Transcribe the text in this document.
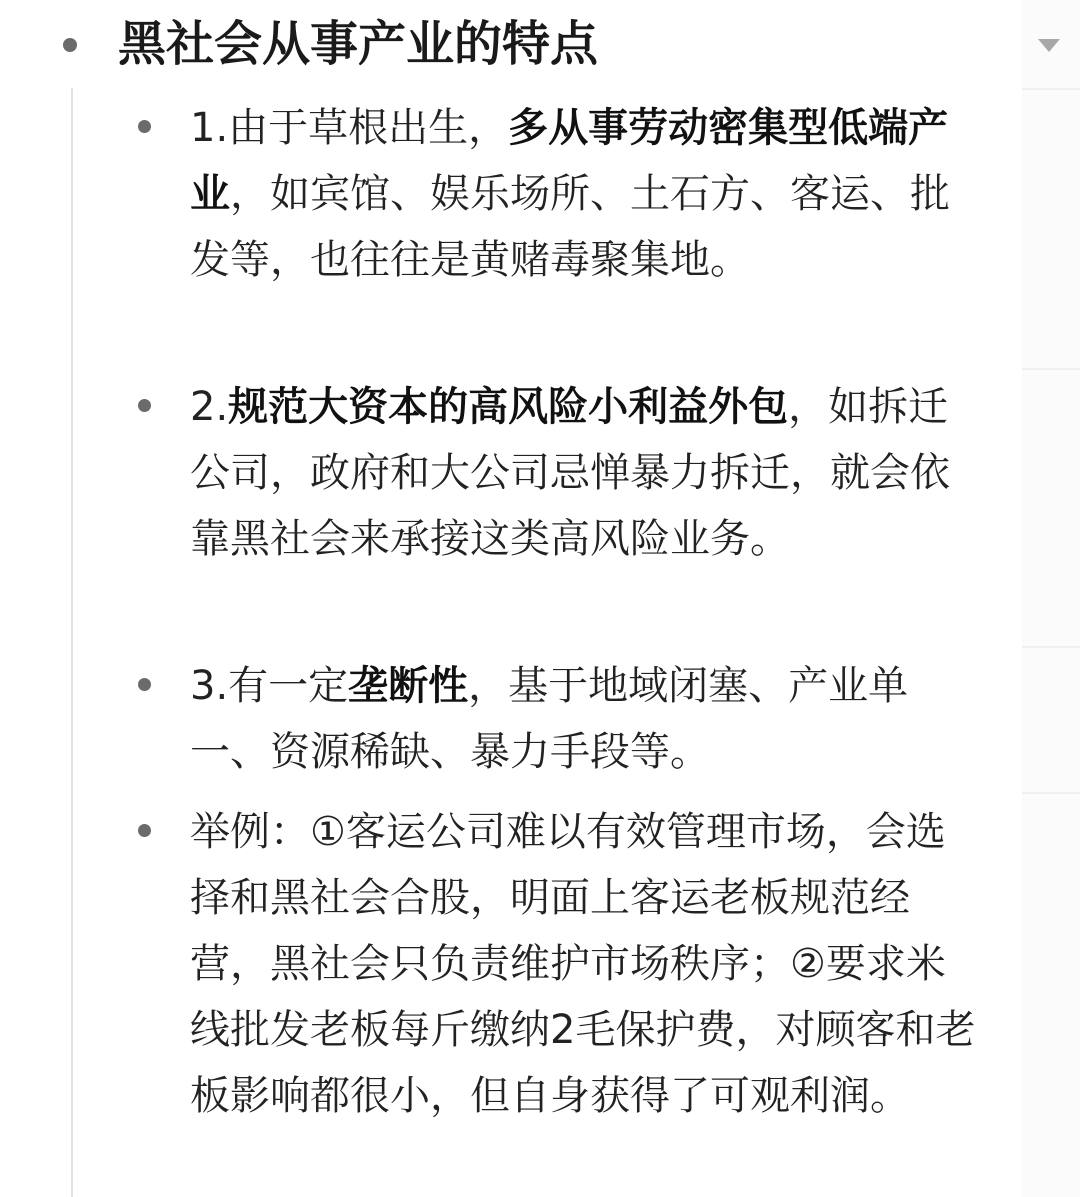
黑社会从事产业的特点
1.由于草根出生，多从事劳动密集型低端产业，如宾馆、娱乐场所、土石方、客运、批发等，也往往是黄赌毒聚集地。
2.规范大资本的高风险小利益外包，如拆迁公司，政府和大公司忌惮暴力拆迁，就会依靠黑社会来承接这类高风险业务。
3.有一定垄断性，基于地域闭塞、产业单一、资源稀缺、暴力手段等。
举例：①客运公司难以有效管理市场，会选择和黑社会合股，明面上客运老板规范经营，黑社会只负责维护市场秩序；②要求米线批发老板每斤缴纳2毛保护费，对顾客和老板影响都很小，但自身获得了可观利润。
